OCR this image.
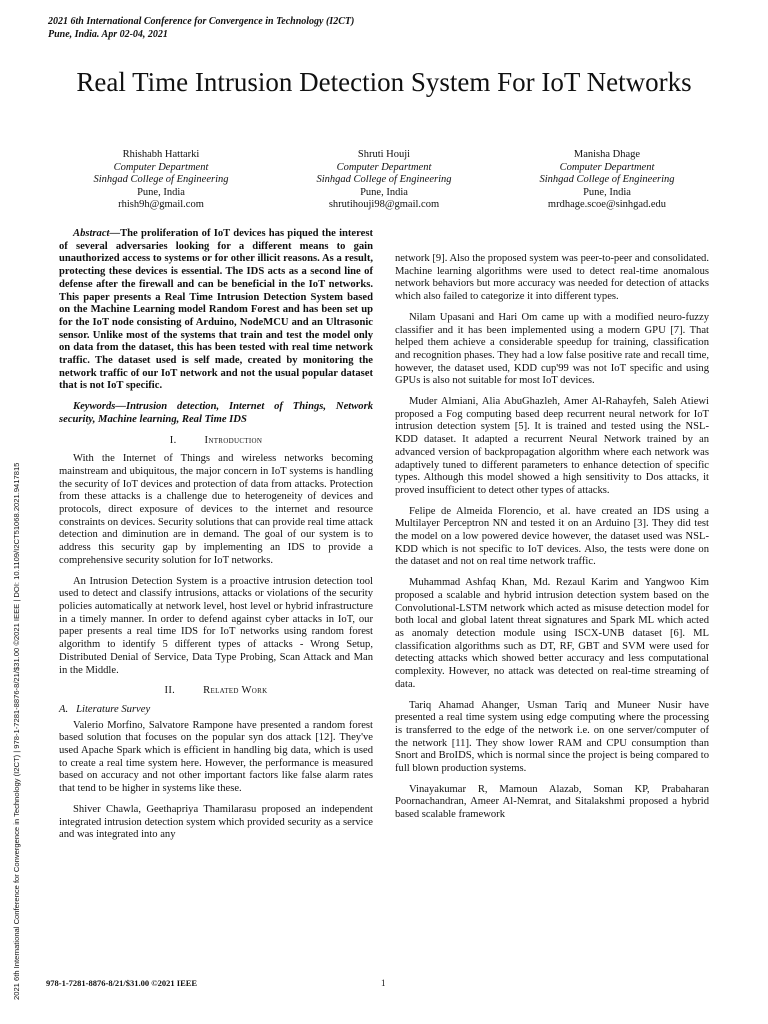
2021 6th International Conference for Convergence in Technology (I2CT)
Pune, India. Apr 02-04, 2021
Real Time Intrusion Detection System For IoT Networks
Rhishabh Hattarki
Computer Department
Sinhgad College of Engineering
Pune, India
rhish9h@gmail.com
Shruti Houji
Computer Department
Sinhgad College of Engineering
Pune, India
shrutihouji98@gmail.com
Manisha Dhage
Computer Department
Sinhgad College of Engineering
Pune, India
mrdhage.scoe@sinhgad.edu
2021 6th International Conference for Convergence in Technology (I2CT) | 978-1-7281-8876-8/21/$31.00 ©2021 IEEE | DOI: 10.1109/I2CT51068.2021.9417815

Abstract—The proliferation of IoT devices has piqued the interest of several adversaries looking for a different means to gain unauthorized access to systems or for other illicit reasons. As a result, protecting these devices is essential. The IDS acts as a second line of defense after the firewall and can be beneficial in the IoT networks. This paper presents a Real Time Intrusion Detection System based on the Machine Learning model Random Forest and has been set up for the IoT node consisting of Arduino, NodeMCU and an Ultrasonic sensor. Unlike most of the systems that train and test the model only on data from the dataset, this has been tested with real time network traffic. The dataset used is self made, created by monitoring the network traffic of our IoT network and not the usual popular dataset that is not IoT specific.

Keywords—Intrusion detection, Internet of Things, Network security, Machine learning, Real Time IDS

I.	Introduction

With the Internet of Things and wireless networks becoming mainstream and ubiquitous, the major concern in IoT systems is handling the security of IoT devices and protection of data from attacks. Protection from these attacks is a challenge due to heterogeneity of devices and protocols, direct exposure of devices to the internet and resource constraints on devices. Security solutions that can provide real time attack detection and diminution are in demand. The goal of our system is to address this security gap by implementing an IDS to provide a comprehensive security solution for IoT networks.

An Intrusion Detection System is a proactive intrusion detection tool used to detect and classify intrusions, attacks or violations of the security policies automatically at network level, host level or hybrid infrastructure in a timely manner. In order to defend against cyber attacks in IoT, our paper presents a real time IDS for IoT networks using random forest algorithm to identify 5 different types of attacks - Wrong Setup, Distributed Denial of Service, Data Type Probing, Scan Attack and Man in the Middle.

II.	Related Work
A. Literature Survey

Valerio Morfino, Salvatore Rampone have presented a random forest based solution that focuses on the popular syn dos attack [12]. They've used Apache Spark which is efficient in handling big data, which is used to create a real time system here. However, the performance is measured based on accuracy and not other important factors like false alarm rates that tend to be higher in systems like these.

Shiver Chawla, Geethapriya Thamilarasu proposed an independent integrated intrusion detection system which provided security as a service and was integrated into any

network [9]. Also the proposed system was peer-to-peer and consolidated. Machine learning algorithms were used to detect real-time anomalous network behaviors but more accuracy was needed for detection of attacks which also failed to categorize it into different types.

Nilam Upasani and Hari Om came up with a modified neuro-fuzzy classifier and it has been implemented using a modern GPU [7]. That helped them achieve a considerable speedup for training, classification and recognition phases. They had a low false positive rate and recall time, however, the dataset used, KDD cup'99 was not IoT specific and using GPUs is also not suitable for most IoT devices.

Muder Almiani, Alia AbuGhazleh, Amer Al-Rahayfeh, Saleh Atiewi proposed a Fog computing based deep recurrent neural network for IoT intrusion detection system [5]. It is trained and tested using the NSL-KDD dataset. It adapted a recurrent Neural Network trained by an advanced version of backpropagation algorithm where each network was adaptively tuned to different parameters to enhance detection of specific types. Although this model showed a high sensitivity to Dos attacks, it proved insufficient to detect other types of attacks.

Felipe de Almeida Florencio, et al. have created an IDS using a Multilayer Perceptron NN and tested it on an Arduino [3]. They did test the model on a low powered device however, the dataset used was NSL-KDD which is not specific to IoT devices. Also, the tests were done on the dataset and not on real time network traffic.

Muhammad Ashfaq Khan, Md. Rezaul Karim and Yangwoo Kim proposed a scalable and hybrid intrusion detection system based on the Convolutional-LSTM network which acted as misuse detection model for both local and global latent threat signatures and Spark ML which acted as anomaly detection module using ISCX-UNB dataset [6]. ML classification algorithms such as DT, RF, GBT and SVM were used for detecting attacks which showed better accuracy and less computational complexity. However, no attack was detected on real-time streaming of data.

Tariq Ahamad Ahanger, Usman Tariq and Muneer Nusir have presented a real time system using edge computing where the processing is transferred to the edge of the network i.e. on one server/computer of the network [11]. They show lower RAM and CPU consumption than Snort and BroIDS, which is normal since the project is being compared to full blown production systems.

Vinayakumar R, Mamoun Alazab, Soman KP, Prabaharan Poornachandran, Ameer Al-Nemrat, and Sitalakshmi proposed a hybrid based scalable framework

978-1-7281-8876-8/21/$31.00 ©2021 IEEE	1
